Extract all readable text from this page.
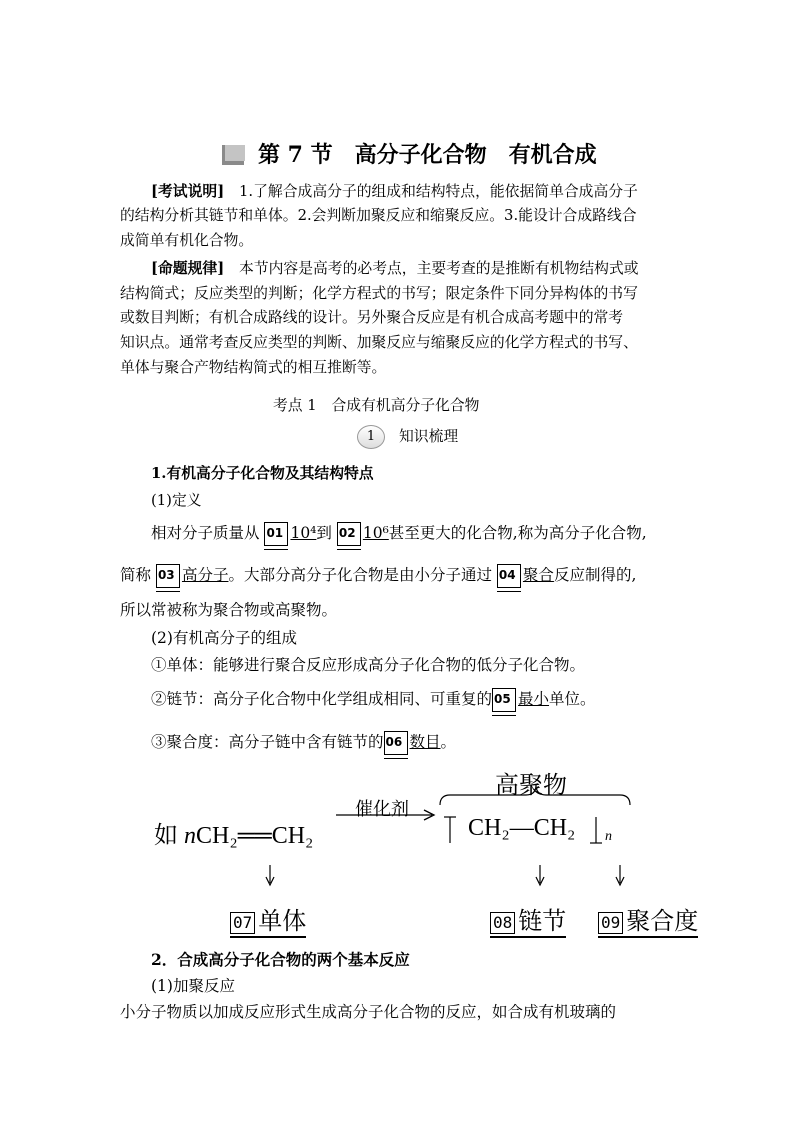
第 7 节 高分子化合物 有机合成
[考试说明]　 1.了解合成高分子的组成和结构特点，能依据简单合成高分子
的结构分析其链节和单体。2.会判断加聚反应和缩聚反应。3.能设计合成路线合
成简单有机化合物。
[命题规律]　 本节内容是高考的必考点，主要考查的是推断有机物结构式或
结构简式；反应类型的判断；化学方程式的书写；限定条件下同分异构体的书写
或数目判断；有机合成路线的设计。另外聚合反应是有机合成高考题中的常考
知识点。通常考查反应类型的判断、加聚反应与缩聚反应的化学方程式的书写、
单体与聚合产物结构简式的相互推断等。
考点 1　合成有机高分子化合物
1 知识梳理
1.有机高分子化合物及其结构特点
(1)定义
相对分子质量从 01 10⁴到 02 10⁶甚至更大的化合物,称为高分子化合物,
简称 03 高分子。大部分高分子化合物是由小分子通过 04 聚合反应制得的,
所以常被称为聚合物或高聚物。
(2)有机高分子的组成
①单体：能够进行聚合反应形成高分子化合物的低分子化合物。
②链节：高分子化合物中化学组成相同、可重复的 05 最小单位。
③聚合度：高分子链中含有链节的 06 数目。
如 nCH₂══CH₂
催化剂
高聚物
CH₂—CH₂ n
07 单体	08 链节 09 聚合度
2．合成高分子化合物的两个基本反应
(1)加聚反应
小分子物质以加成反应形式生成高分子化合物的反应，如合成有机玻璃的
